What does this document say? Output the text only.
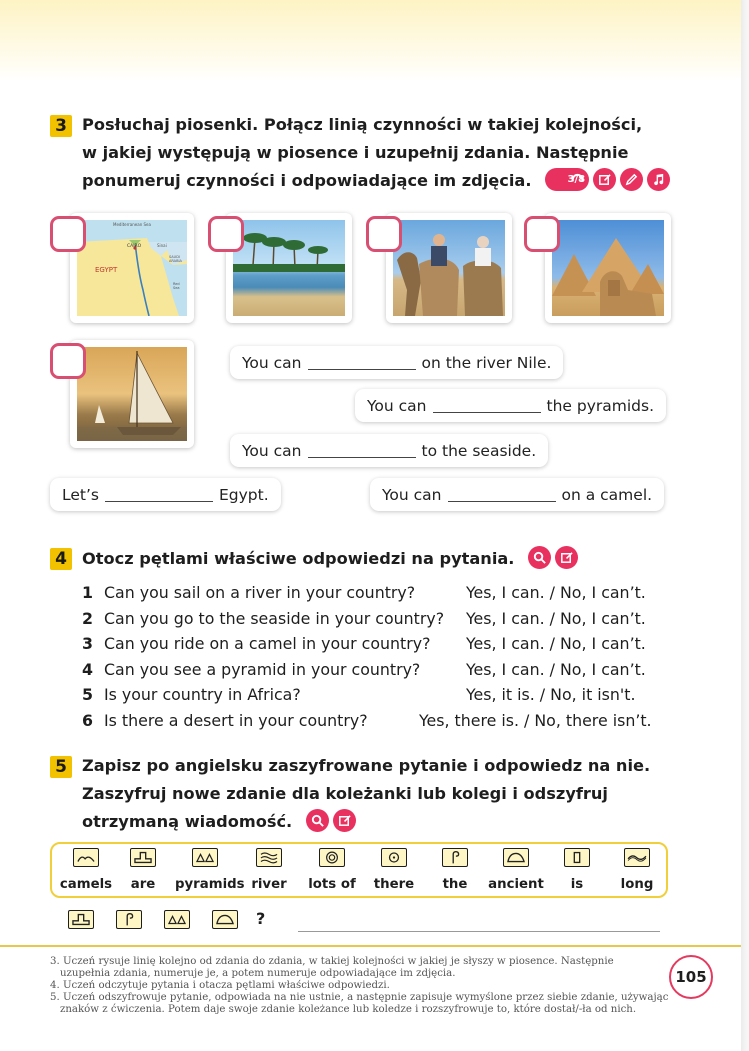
3 Posłuchaj piosenki. Połącz linią czynności w takiej kolejności,
w jakiej występują w piosence i uzupełnij zdania. Następnie
ponumeruj czynności i odpowiadające im zdjęcia.	3/8
Mediterranean Sea
CAIRO	Sinai
SAUDI ARABIA
Red Sea
EGYPT
You can	on the river Nile.
You can	the pyramids.
You can	to the seaside.
Let’s	Egypt.	You can	on a camel.
4 Otocz pętlami właściwe odpowiedzi na pytania.
1 Can you sail on a river in your country?	Yes, I can. / No, I can’t.
2 Can you go to the seaside in your country? Yes, I can. / No, I can’t.
3 Can you ride on a camel in your country? Yes, I can. / No, I can’t.
4 Can you see a pyramid in your country?	Yes, I can. / No, I can’t.
5 Is your country in Africa?	Yes, it is. / No, it isn't.
6 Is there a desert in your country?	Yes, there is. / No, there isn’t.
5 Zapisz po angielsku zaszyfrowane pytanie i odpowiedz na nie.
Zaszyfruj nowe zdanie dla koleżanki lub kolegi i odszyfruj
otrzymaną wiadomość.
camels	are	pyramids river	lots of	there	the	ancient	is	long
?
3. Uczeń rysuje linię kolejno od zdania do zdania, w takiej kolejności w jakiej je słyszy w piosence. Następnie
uzupełnia zdania, numeruje je, a potem numeruje odpowiadające im zdjęcia.
4. Uczeń odczytuje pytania i otacza pętlami właściwe odpowiedzi.
5. Uczeń odszyfrowuje pytanie, odpowiada na nie ustnie, a następnie zapisuje wymyślone przez siebie zdanie, używając
znaków z ćwiczenia. Potem daje swoje zdanie koleżance lub koledze i rozszyfrowuje to, które dostał/-ła od nich.
105
